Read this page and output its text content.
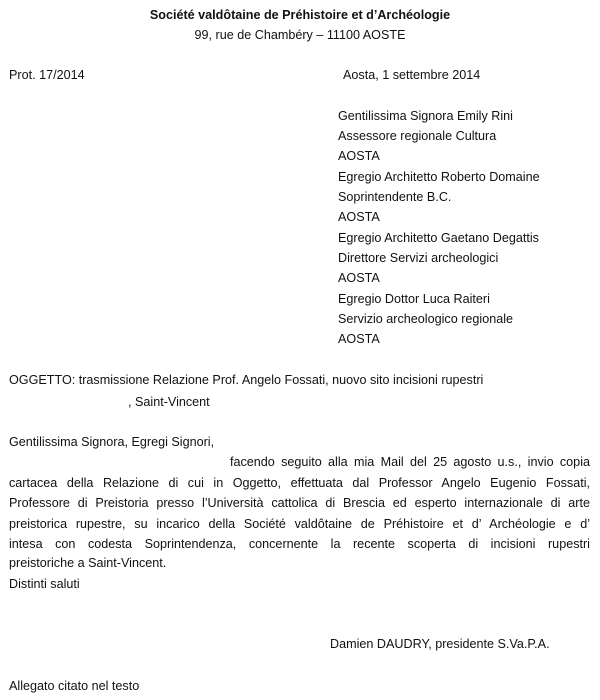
Société valdôtaine de Préhistoire et d’Archéologie
99, rue de Chambéry – 11100 AOSTE
Prot. 17/2014	Aosta, 1 settembre 2014
Gentilissima Signora Emily Rini
Assessore regionale Cultura
AOSTA
Egregio Architetto Roberto Domaine
Soprintendente B.C.
AOSTA
Egregio Architetto Gaetano Degattis
Direttore Servizi archeologici
AOSTA
Egregio Dottor Luca Raiteri
Servizio archeologico regionale
AOSTA
OGGETTO: trasmissione Relazione Prof. Angelo Fossati, nuovo sito incisioni rupestri
, Saint-Vincent
Gentilissima Signora, Egregi Signori,
facendo seguito alla mia Mail del 25 agosto u.s., invio copia
cartacea della Relazione di cui in Oggetto, effettuata dal Professor Angelo Eugenio Fossati,
Professore di Preistoria presso l’Università cattolica di Brescia ed esperto internazionale di arte
preistorica rupestre, su incarico della Société valdôtaine de Préhistoire et d’ Archéologie e d’
intesa con codesta Soprintendenza, concernente la recente scoperta di incisioni rupestri
preistoriche a Saint-Vincent.
Distinti saluti
Damien DAUDRY, presidente S.Va.P.A.
Allegato citato nel testo
